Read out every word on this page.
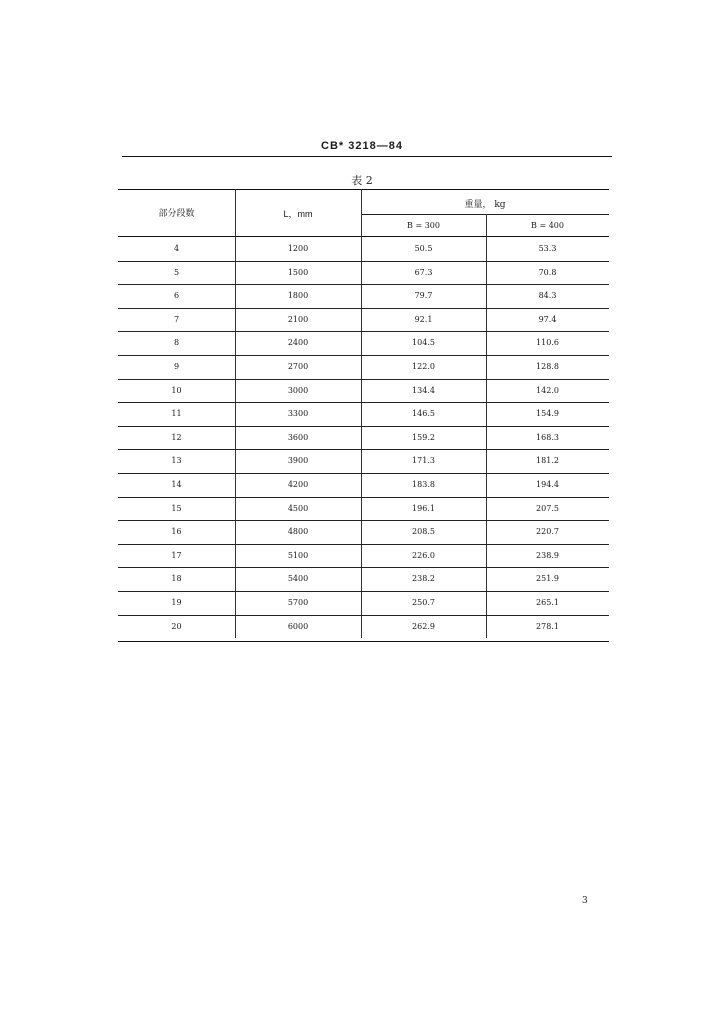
CB* 3218—84
表 2
部分段数	L，mm
重量， kg
B = 300	B = 400
4	1200	50.5	53.3
5	1500	67.3	70.8
6	1800	79.7	84.3
7	2100	92.1	97.4
8	2400	104.5	110.6
9	2700	122.0	128.8
10	3000	134.4	142.0
11	3300	146.5	154.9
12	3600	159.2	168.3
13	3900	171.3	181.2
14	4200	183.8	194.4
15	4500	196.1	207.5
16	4800	208.5	220.7
17	5100	226.0	238.9
18	5400	238.2	251.9
19	5700	250.7	265.1
20	6000	262.9	278.1
3
